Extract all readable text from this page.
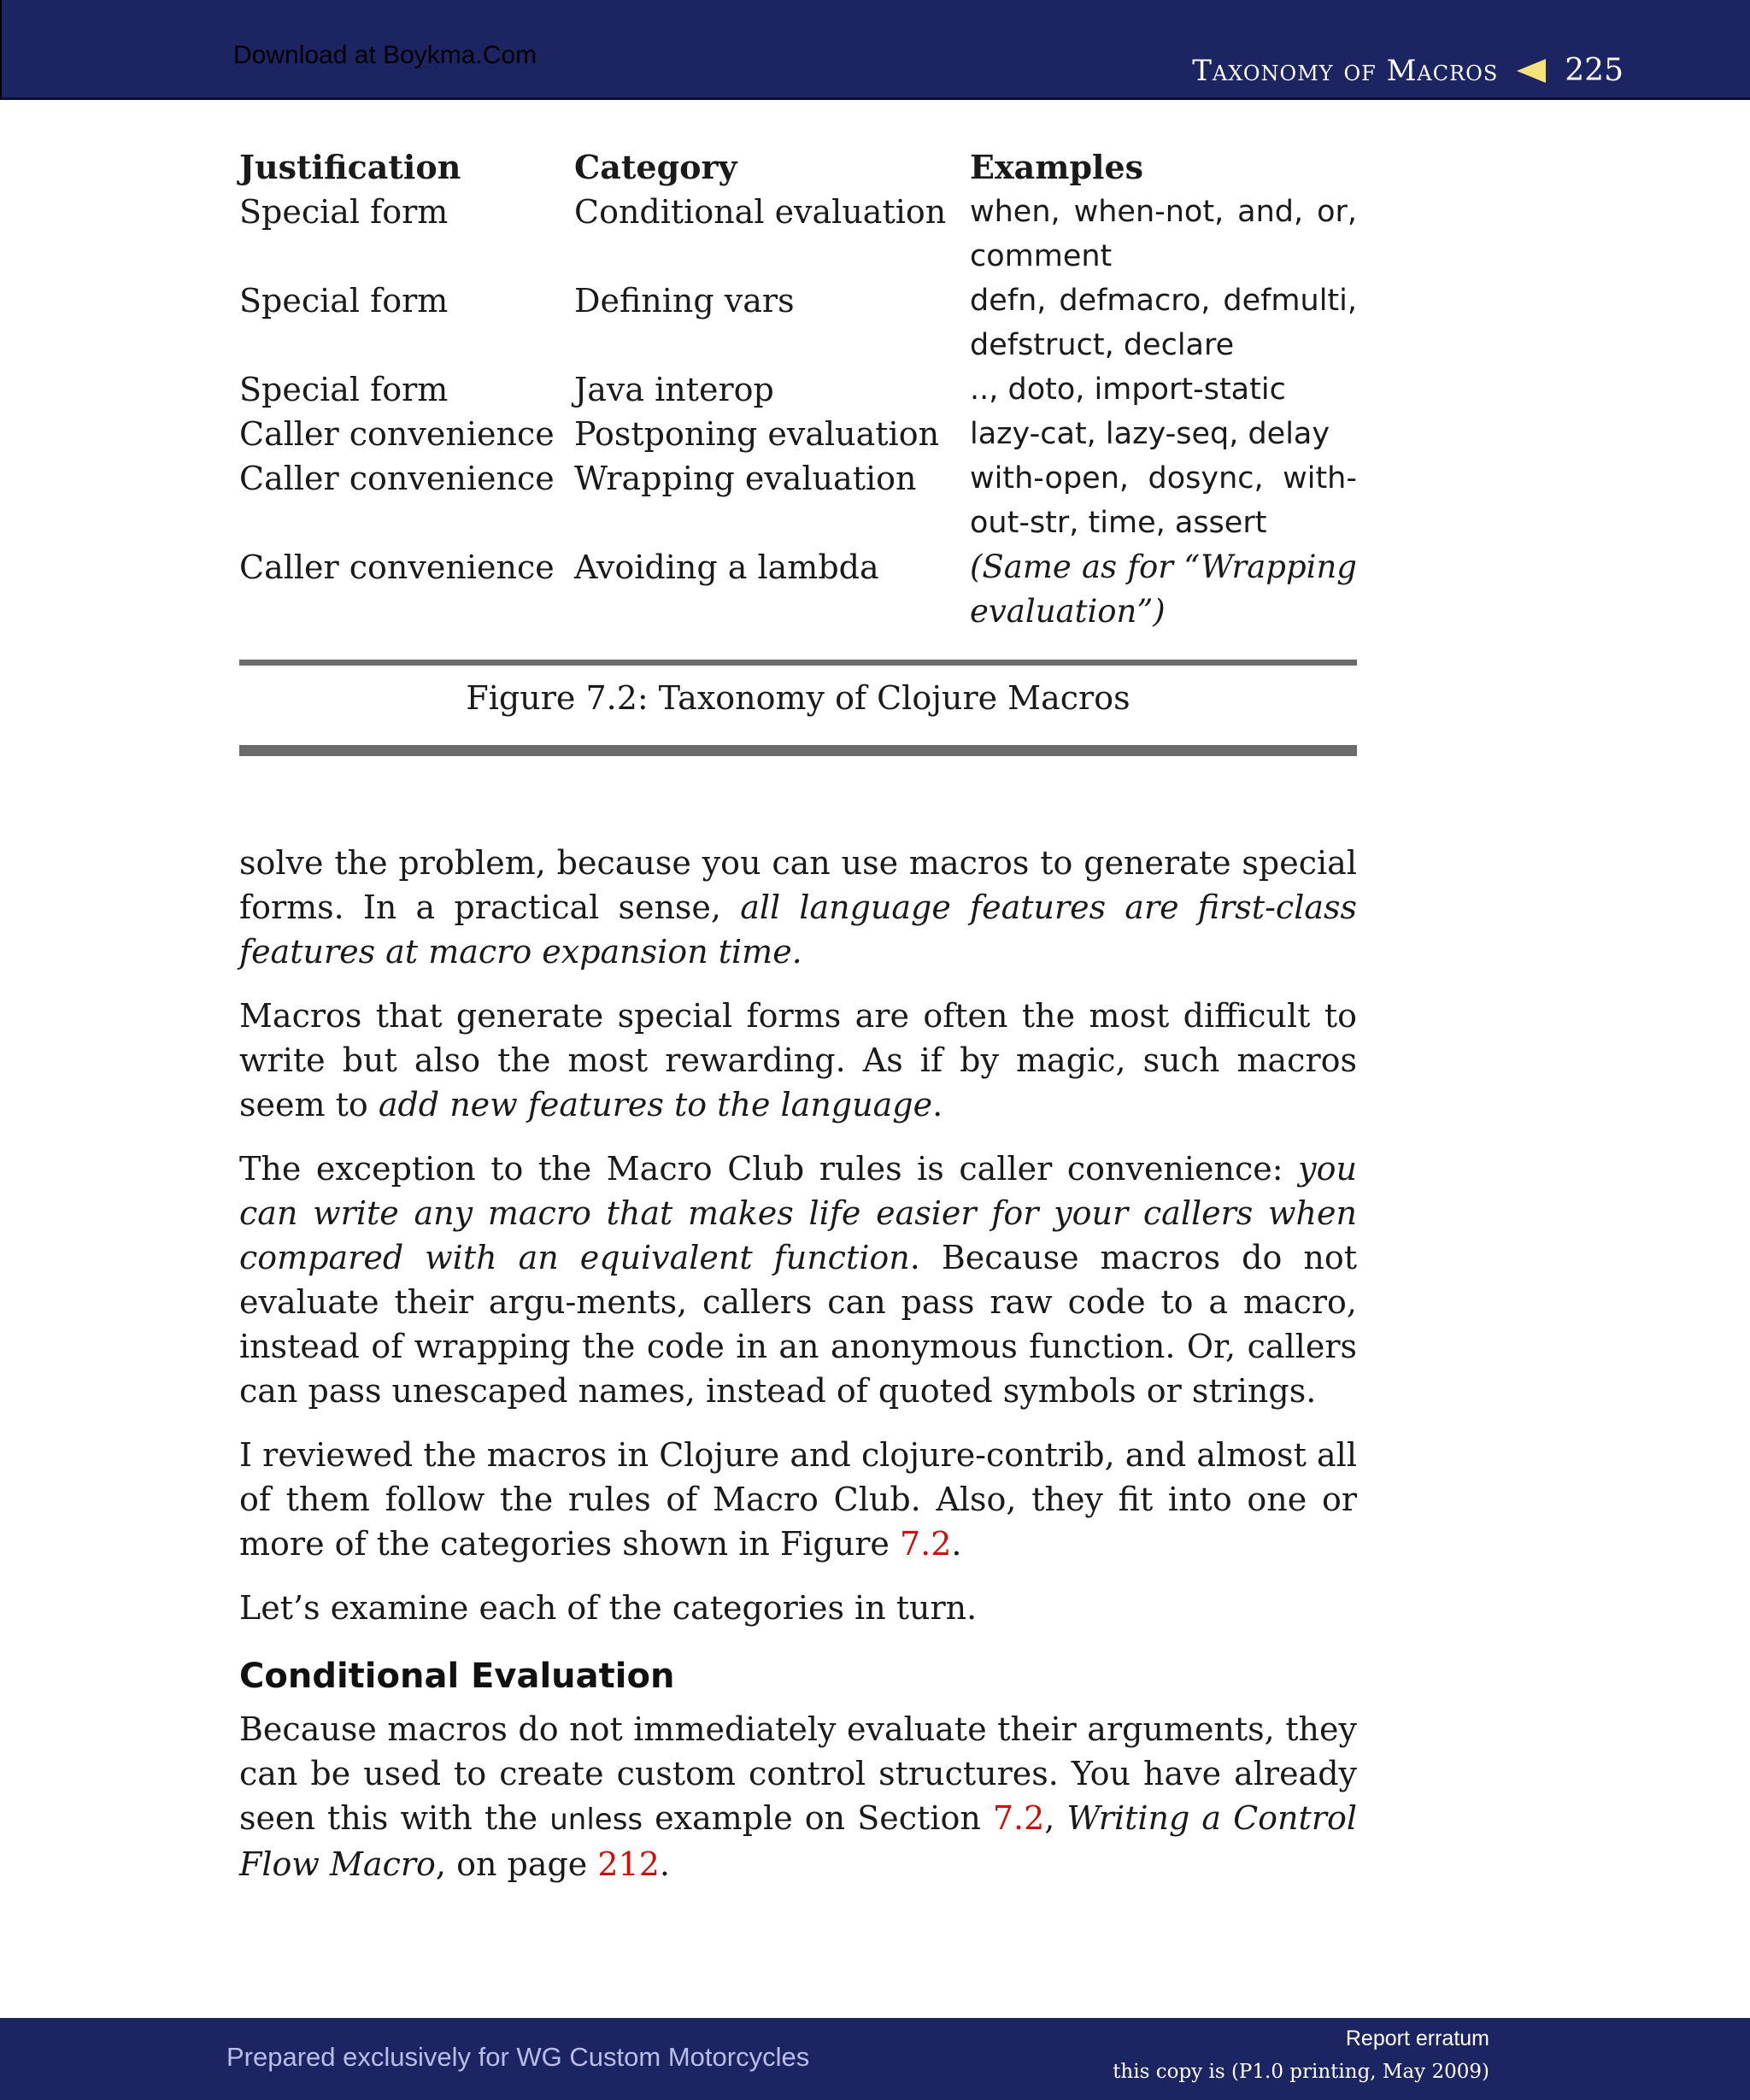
Download at Boykma.Com	Taxonomy of Macros 225
Justification	Category	Examples
Special form	Conditional evaluation	when, when-not, and, or, comment
Special form	Defining vars	defn, defmacro, defmulti, defstruct, declare
Special form	Java interop	.., doto, import-static
Caller convenience	Postponing evaluation	lazy-cat, lazy-seq, delay
Caller convenience	Wrapping evaluation	with-open, dosync, with-out-str, time, assert
Caller convenience	Avoiding a lambda	(Same as for “Wrapping evaluation”)
Figure 7.2: Taxonomy of Clojure Macros

solve the problem, because you can use macros to generate special forms. In a practical sense, all language features are first-class features at macro expansion time.

Macros that generate special forms are often the most difficult to write but also the most rewarding. As if by magic, such macros seem to add new features to the language.

The exception to the Macro Club rules is caller convenience: you can write any macro that makes life easier for your callers when compared with an equivalent function. Because macros do not evaluate their argu-ments, callers can pass raw code to a macro, instead of wrapping the code in an anonymous function. Or, callers can pass unescaped names, instead of quoted symbols or strings.

I reviewed the macros in Clojure and clojure-contrib, and almost all of them follow the rules of Macro Club. Also, they fit into one or more of the categories shown in Figure 7.2.

Let’s examine each of the categories in turn.

Conditional Evaluation

Because macros do not immediately evaluate their arguments, they can be used to create custom control structures. You have already seen this with the unless example on Section 7.2, Writing a Control Flow Macro, on page 212.

Prepared exclusively for WG Custom Motorcycles
Report erratum
this copy is (P1.0 printing, May 2009)
